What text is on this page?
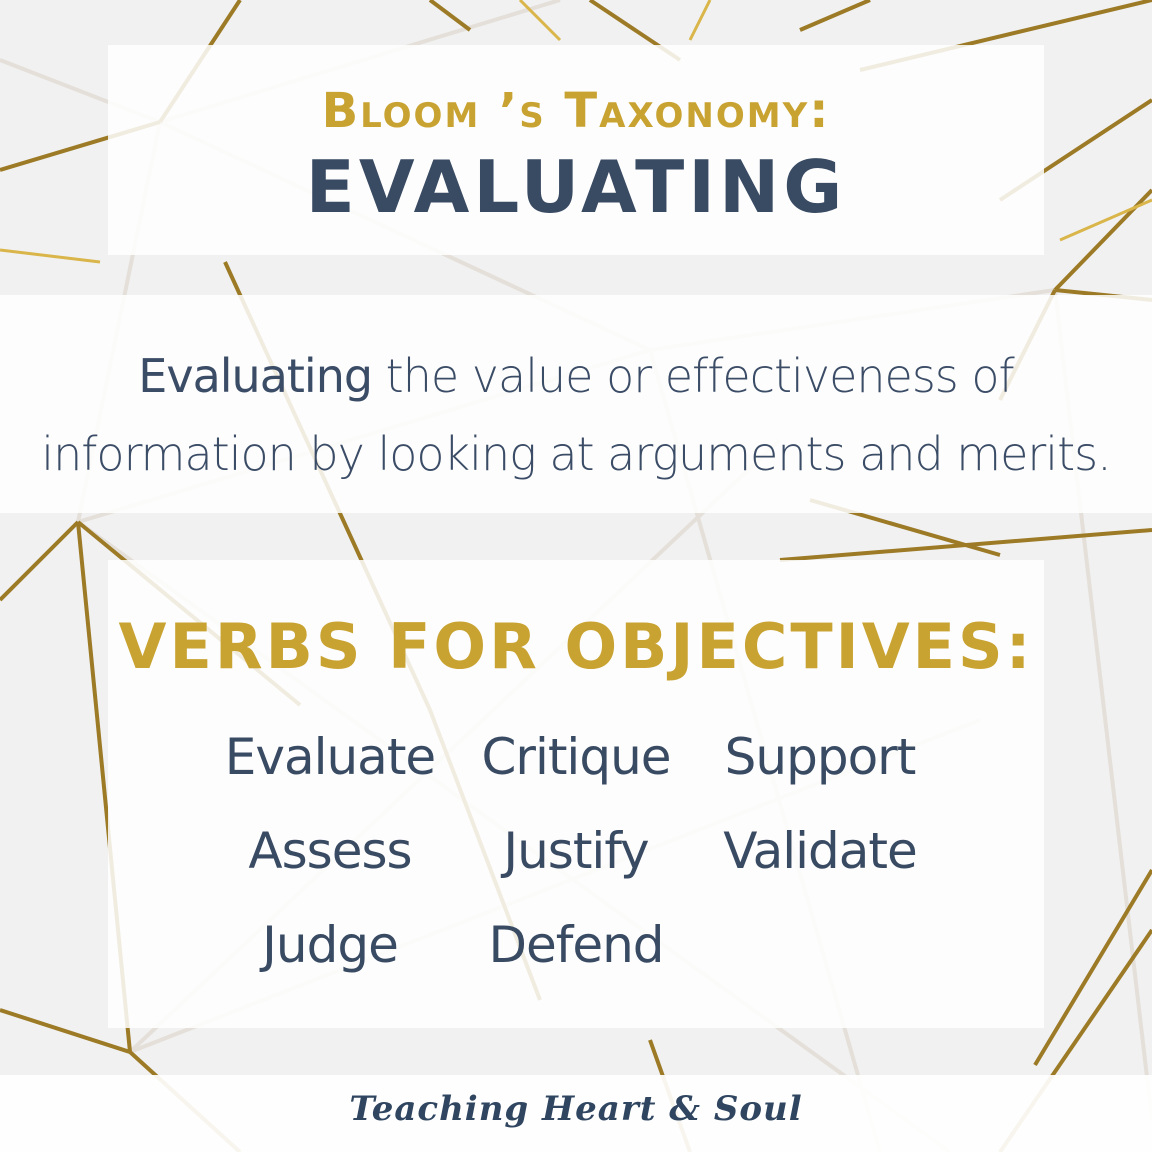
Bloom ’s Taxonomy:
EVALUATING
Evaluating the value or effectiveness of information by looking at arguments and merits.
VERBS FOR OBJECTIVES:
Evaluate
Assess
Judge
Critique
Justify
Defend
Support
Validate
Teaching Heart & Soul
